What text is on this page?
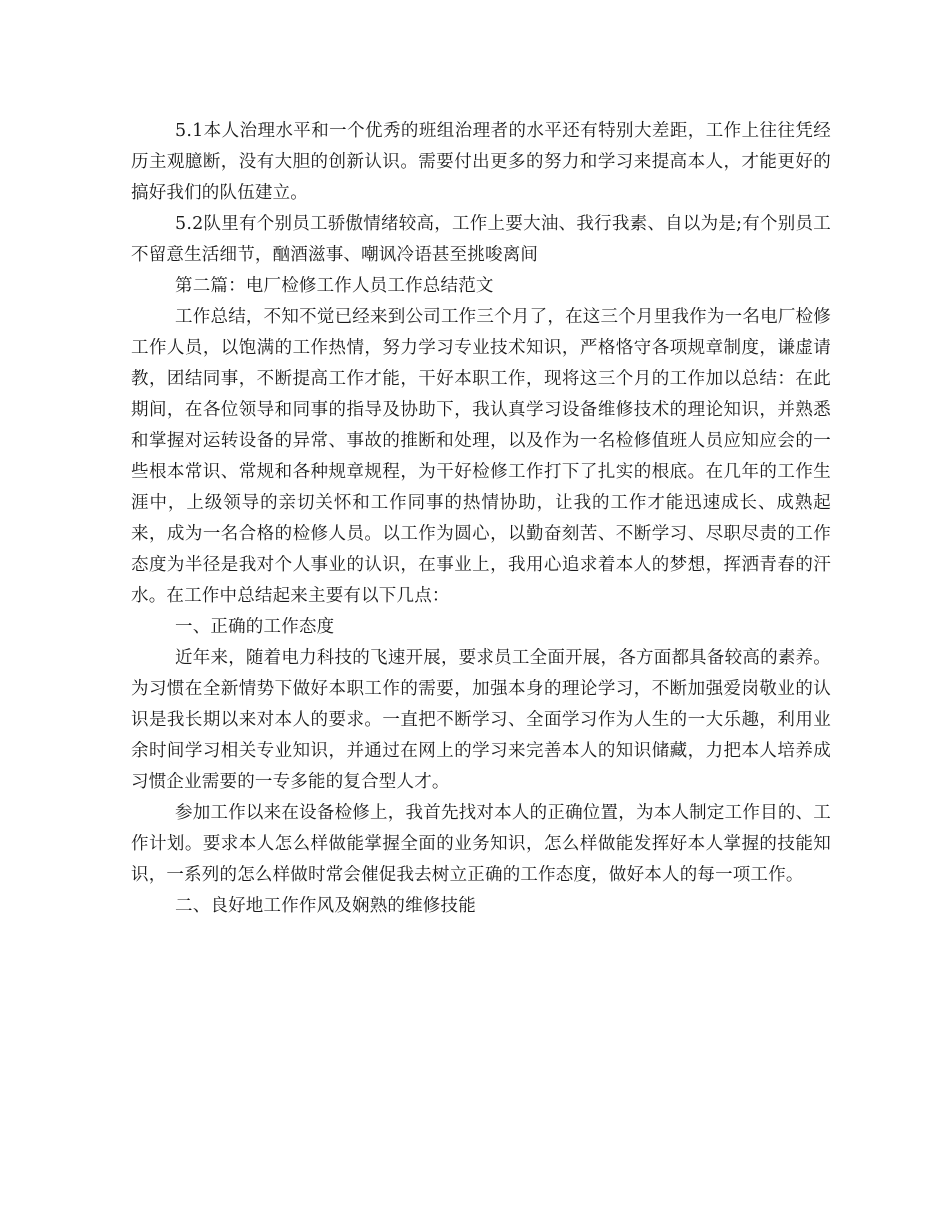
5.1本人治理水平和一个优秀的班组治理者的水平还有特别大差距，工作上往往凭经历主观臆断，没有大胆的创新认识。需要付出更多的努力和学习来提高本人，才能更好的搞好我们的队伍建立。

5.2队里有个别员工骄傲情绪较高，工作上要大油、我行我素、自以为是;有个别员工不留意生活细节，酗酒滋事、嘲讽冷语甚至挑唆离间

第二篇：电厂检修工作人员工作总结范文

工作总结，不知不觉已经来到公司工作三个月了，在这三个月里我作为一名电厂检修工作人员，以饱满的工作热情，努力学习专业技术知识，严格恪守各项规章制度，谦虚请教，团结同事，不断提高工作才能，干好本职工作，现将这三个月的工作加以总结：在此期间，在各位领导和同事的指导及协助下，我认真学习设备维修技术的理论知识，并熟悉和掌握对运转设备的异常、事故的推断和处理，以及作为一名检修值班人员应知应会的一些根本常识、常规和各种规章规程，为干好检修工作打下了扎实的根底。在几年的工作生涯中，上级领导的亲切关怀和工作同事的热情协助，让我的工作才能迅速成长、成熟起来，成为一名合格的检修人员。以工作为圆心，以勤奋刻苦、不断学习、尽职尽责的工作态度为半径是我对个人事业的认识，在事业上，我用心追求着本人的梦想，挥洒青春的汗水。在工作中总结起来主要有以下几点：

一、正确的工作态度

近年来，随着电力科技的飞速开展，要求员工全面开展，各方面都具备较高的素养。为习惯在全新情势下做好本职工作的需要，加强本身的理论学习，不断加强爱岗敬业的认识是我长期以来对本人的要求。一直把不断学习、全面学习作为人生的一大乐趣，利用业余时间学习相关专业知识，并通过在网上的学习来完善本人的知识储藏，力把本人培养成习惯企业需要的一专多能的复合型人才。

参加工作以来在设备检修上，我首先找对本人的正确位置，为本人制定工作目的、工作计划。要求本人怎么样做能掌握全面的业务知识，怎么样做能发挥好本人掌握的技能知识，一系列的怎么样做时常会催促我去树立正确的工作态度，做好本人的每一项工作。

二、良好地工作作风及娴熟的维修技能
